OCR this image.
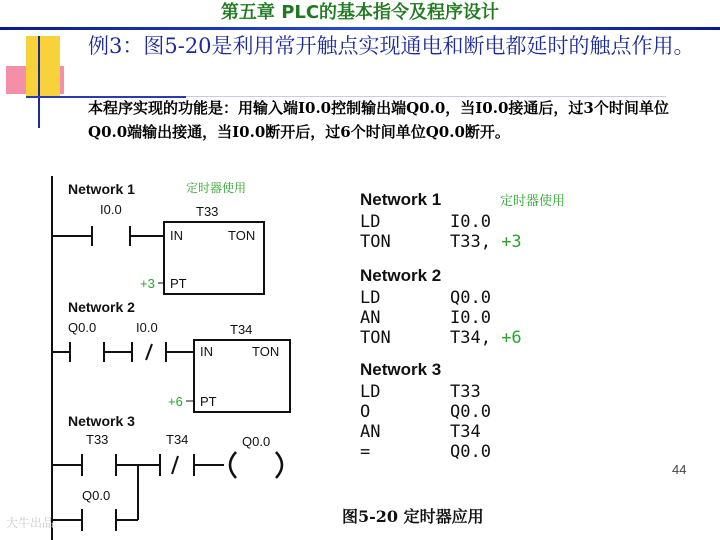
第五章 PLC的基本指令及程序设计
例3：图5-20是利用常开触点实现通电和断电都延时的触点作用。
本程序实现的功能是：用输入端I0.0控制输出端Q0.0，当I0.0接通后，过3个时间单位Q0.0端输出接通，当I0.0断开后，过6个时间单位Q0.0断开。
Network 1	定时器使用
I0.0	T33
IN	TON
PT
+3
Network 2
Q0.0	I0.0	T34
IN	TON
PT
+6
Network 3
T33	T34	Q0.0
Q0.0
Network 1	定时器使用
LD	I0.0
TON	T33, +3
Network 2
LD	Q0.0
AN	I0.0
TON	T34, +6
Network 3
LD	T33
O	Q0.0
AN	T34
=	Q0.0
图5-20 定时器应用
44
大牛出品
